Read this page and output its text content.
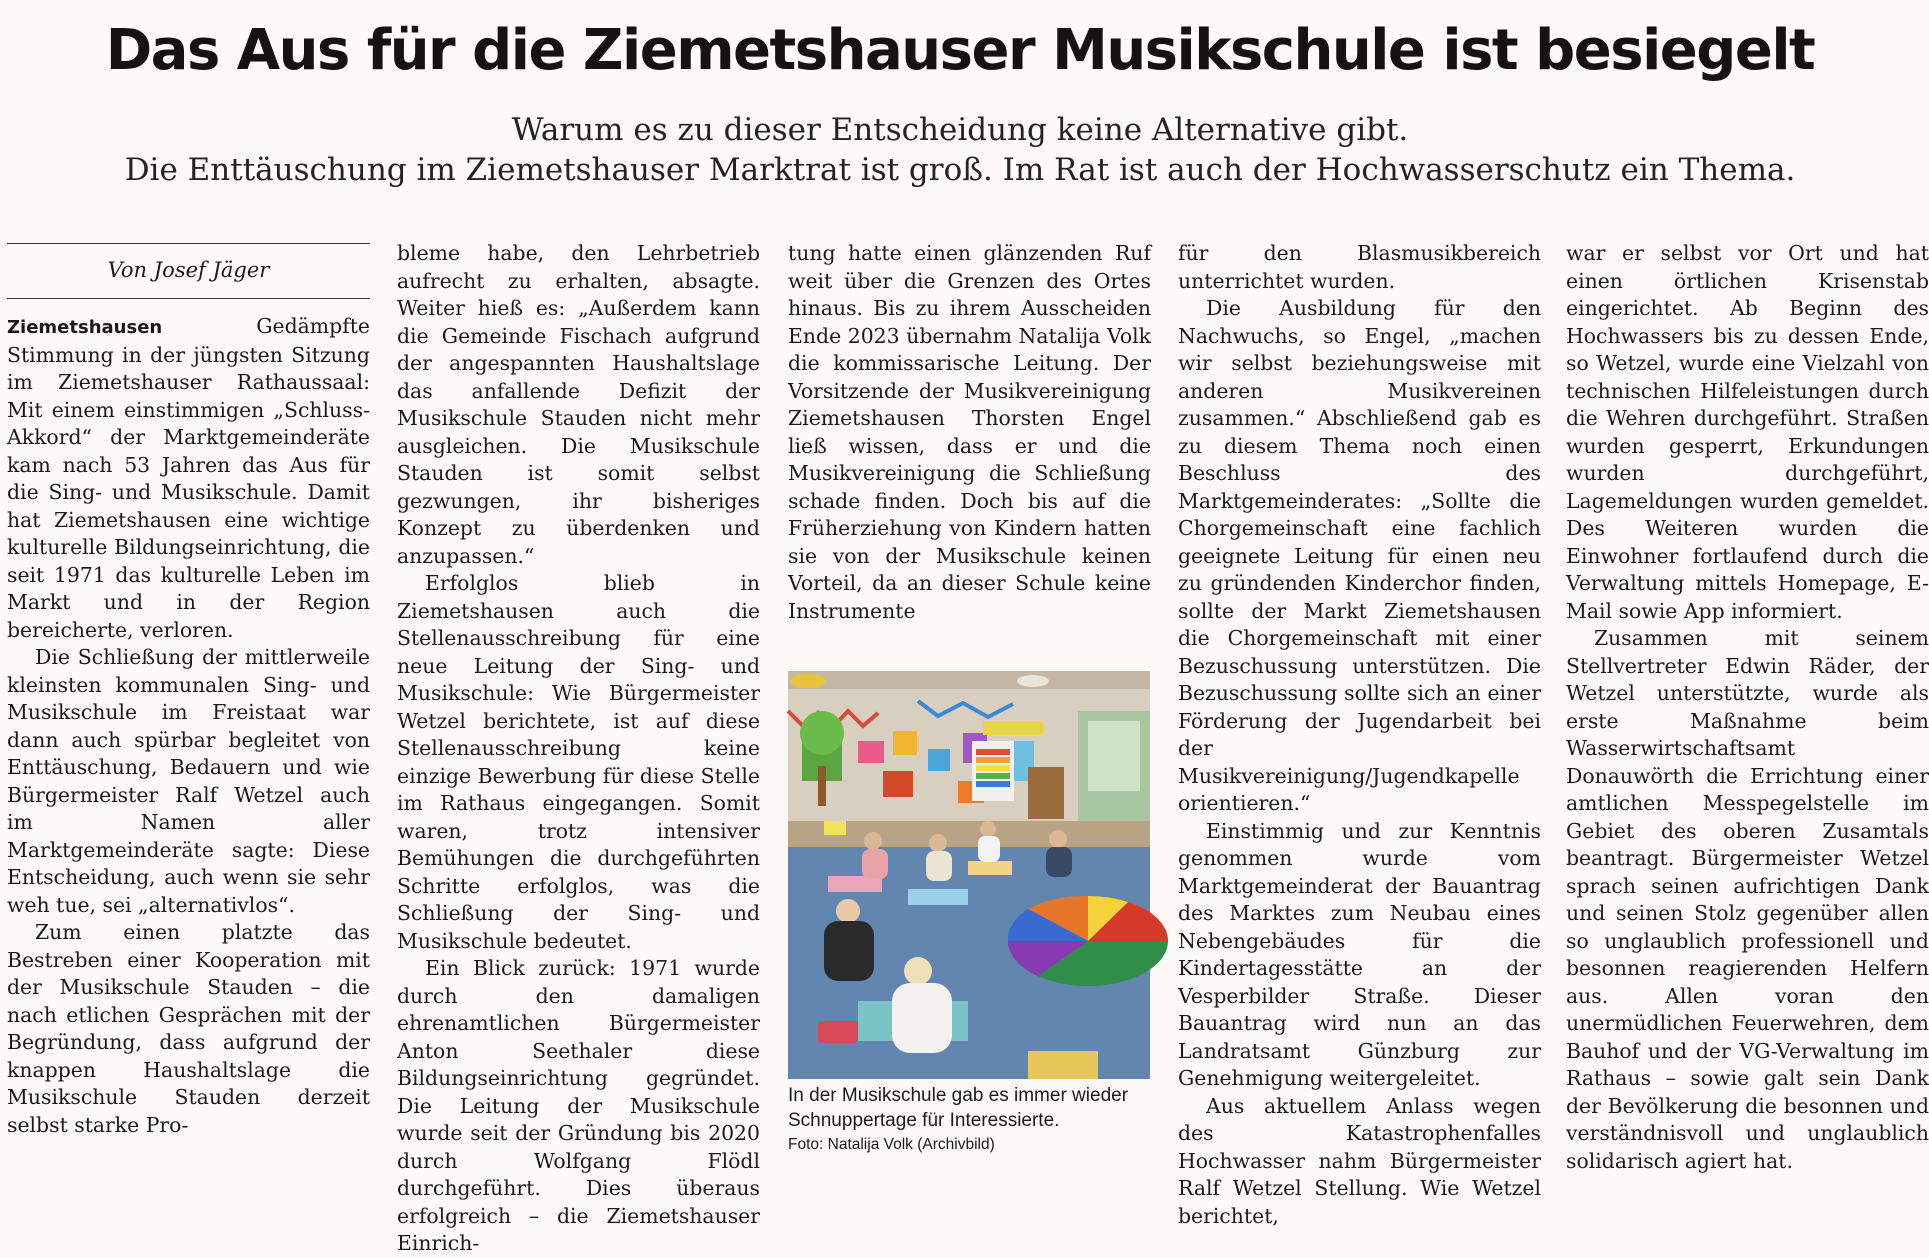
Das Aus für die Ziemetshauser Musikschule ist besiegelt
Warum es zu dieser Entscheidung keine Alternative gibt.
Die Enttäuschung im Ziemetshauser Marktrat ist groß. Im Rat ist auch der Hochwasserschutz ein Thema.
Von Josef Jäger

Ziemetshausen	Gedämpfte Stimmung in der jüngsten Sitzung im Ziemetshauser Rathaussaal: Mit einem einstimmigen „Schluss-Akkord“ der Marktgemeinderäte kam nach 53 Jahren das Aus für die Sing- und Musikschule. Damit hat Ziemetshausen eine wichtige kulturelle Bildungseinrichtung, die seit 1971 das kulturelle Leben im Markt und in der Region bereicherte, verloren.

Die Schließung der mittlerweile kleinsten kommunalen Sing- und Musikschule im Freistaat war dann auch spürbar begleitet von Enttäuschung, Bedauern und wie Bürgermeister Ralf Wetzel auch im Namen aller Marktgemeinderäte sagte: Diese Entscheidung, auch wenn sie sehr weh tue, sei „alternativlos“.

Zum einen platzte das Bestreben einer Kooperation mit der Musikschule Stauden – die nach etlichen Gesprächen mit der Begründung, dass aufgrund der knappen Haushaltslage die Musikschule Stauden derzeit selbst starke Pro-

bleme habe, den Lehrbetrieb aufrecht zu erhalten, absagte. Weiter hieß es: „Außerdem kann die Gemeinde Fischach aufgrund der angespannten Haushaltslage das anfallende Defizit der Musikschule Stauden nicht mehr ausgleichen. Die Musikschule Stauden ist somit selbst gezwungen, ihr bisheriges Konzept zu überdenken und anzupassen.“

Erfolglos blieb in Ziemetshausen auch die Stellenausschreibung für eine neue Leitung der Sing- und Musikschule: Wie Bürgermeister Wetzel berichtete, ist auf diese Stellenausschreibung keine einzige Bewerbung für diese Stelle im Rathaus eingegangen. Somit waren, trotz intensiver Bemühungen die durchgeführten Schritte erfolglos, was die Schließung der Sing- und Musikschule bedeutet.

Ein Blick zurück: 1971 wurde durch den damaligen ehrenamtlichen Bürgermeister Anton Seethaler diese Bildungseinrichtung gegründet. Die Leitung der Musikschule wurde seit der Gründung bis 2020 durch Wolfgang Flödl durchgeführt. Dies überaus erfolgreich – die Ziemetshauser Einrich-

tung hatte einen glänzenden Ruf weit über die Grenzen des Ortes hinaus. Bis zu ihrem Ausscheiden Ende 2023 übernahm Natalija Volk die kommissarische Leitung. Der Vorsitzende der Musikvereinigung Ziemetshausen Thorsten Engel ließ wissen, dass er und die Musikvereinigung die Schließung schade finden. Doch bis auf die Früherziehung von Kindern hatten sie von der Musikschule keinen Vorteil, da an dieser Schule keine Instrumente

In der Musikschule gab es immer wieder Schnuppertage für Interessierte.
Foto: Natalija Volk (Archivbild)

für den Blasmusikbereich unterrichtet wurden.

Die Ausbildung für den Nachwuchs, so Engel, „machen wir selbst beziehungsweise mit anderen Musikvereinen zusammen.“ Abschließend gab es zu diesem Thema noch einen Beschluss des Marktgemeinderates: „Sollte die Chorgemeinschaft eine fachlich geeignete Leitung für einen neu zu gründenden Kinderchor finden, sollte der Markt Ziemetshausen die Chorgemeinschaft mit einer Bezuschussung unterstützen. Die Bezuschussung sollte sich an einer Förderung der Jugendarbeit bei der Musikvereinigung/Jugendkapelle orientieren.“

Einstimmig und zur Kenntnis genommen wurde vom Marktgemeinderat der Bauantrag des Marktes zum Neubau eines Nebengebäudes für die Kindertagesstätte an der Vesperbilder Straße. Dieser Bauantrag wird nun an das Landratsamt Günzburg zur Genehmigung weitergeleitet.

Aus aktuellem Anlass wegen des Katastrophenfalles Hochwasser nahm Bürgermeister Ralf Wetzel Stellung. Wie Wetzel berichtet,

war er selbst vor Ort und hat einen örtlichen Krisenstab eingerichtet. Ab Beginn des Hochwassers bis zu dessen Ende, so Wetzel, wurde eine Vielzahl von technischen Hilfeleistungen durch die Wehren durchgeführt. Straßen wurden gesperrt, Erkundungen wurden durchgeführt, Lagemeldungen wurden gemeldet. Des Weiteren wurden die Einwohner fortlaufend durch die Verwaltung mittels Homepage, E-Mail sowie App informiert.

Zusammen mit seinem Stellvertreter Edwin Räder, der Wetzel unterstützte, wurde als erste Maßnahme beim Wasserwirtschaftsamt Donauwörth die Errichtung einer amtlichen Messpegelstelle im Gebiet des oberen Zusamtals beantragt. Bürgermeister Wetzel sprach seinen aufrichtigen Dank und seinen Stolz gegenüber allen so unglaublich professionell und besonnen reagierenden Helfern aus. Allen voran den unermüdlichen Feuerwehren, dem Bauhof und der VG-Verwaltung im Rathaus – sowie galt sein Dank der Bevölkerung die besonnen und verständnisvoll und unglaublich solidarisch agiert hat.
